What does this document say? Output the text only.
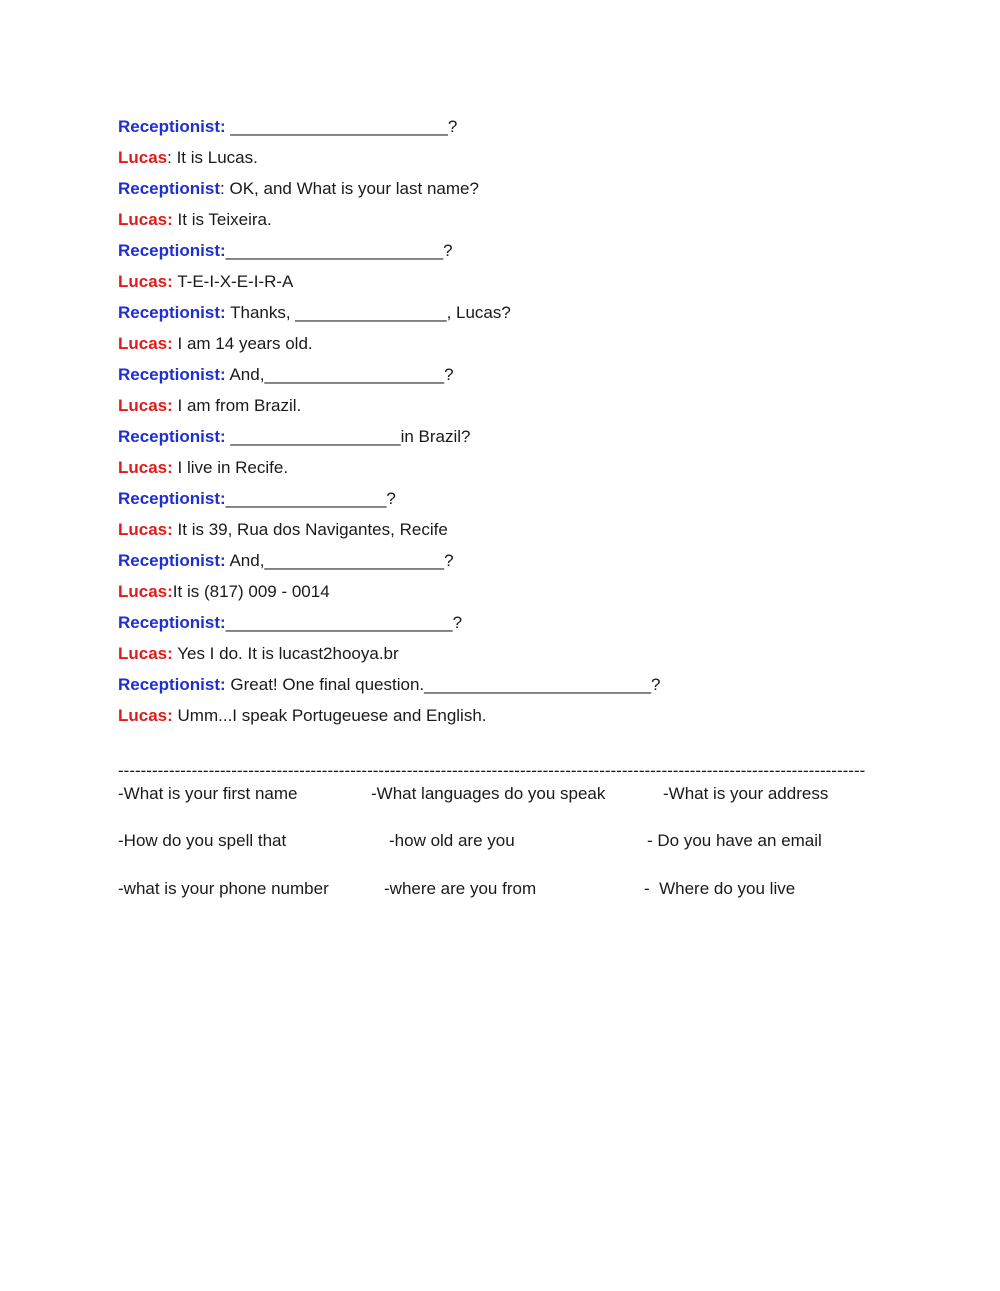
Receptionist: _______________________?
Lucas: It is Lucas.
Receptionist: OK, and What is your last name?
Lucas: It is Teixeira.
Receptionist:_______________________?
Lucas: T-E-I-X-E-I-R-A
Receptionist: Thanks, ________________, Lucas?
Lucas: I am 14 years old.
Receptionist: And,___________________?
Lucas: I am from Brazil.
Receptionist: __________________in Brazil?
Lucas: I live in Recife.
Receptionist:_________________?
Lucas: It is 39, Rua dos Navigantes, Recife
Receptionist: And,___________________?
Lucas:It is (817) 009 - 0014
Receptionist:________________________?
Lucas: Yes I do. It is lucast2hooya.br
Receptionist: Great! One final question.________________________?
Lucas: Umm...I speak Portugeuese and English.
------------------------------------------------------------------------------------------------------------------------------------
-What is your first name	-What languages do you speak	-What is your address
-How do you spell that	-how old are you	- Do you have an email
-what is your phone number	-where are you from	-  Where do you live
